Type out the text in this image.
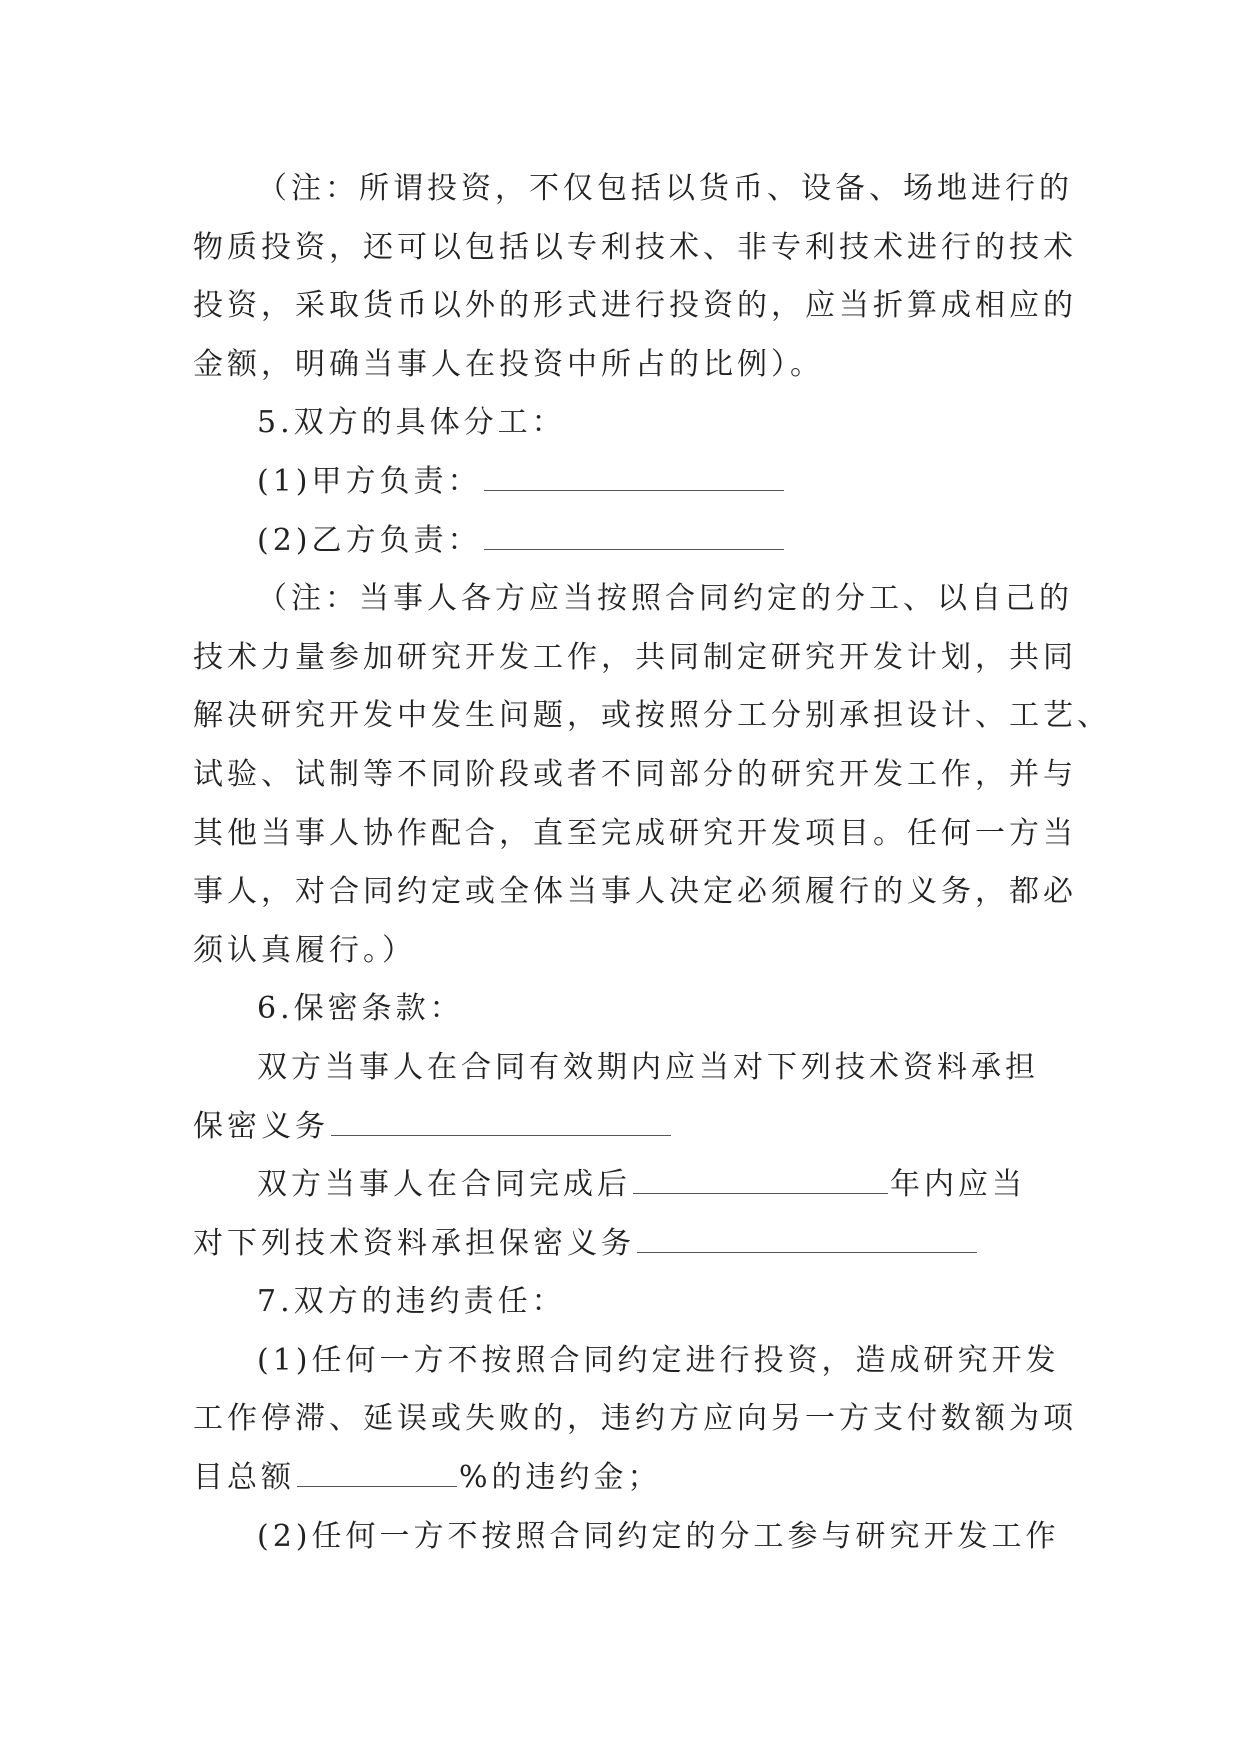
（注：所谓投资，不仅包括以货币、设备、场地进行的
物质投资，还可以包括以专利技术、非专利技术进行的技术
投资，采取货币以外的形式进行投资的，应当折算成相应的
金额，明确当事人在投资中所占的比例）。
5.双方的具体分工：
(1)甲方负责：
(2)乙方负责：
（注：当事人各方应当按照合同约定的分工、以自己的
技术力量参加研究开发工作，共同制定研究开发计划，共同
解决研究开发中发生问题，或按照分工分别承担设计、工艺、
试验、试制等不同阶段或者不同部分的研究开发工作，并与
其他当事人协作配合，直至完成研究开发项目。任何一方当
事人，对合同约定或全体当事人决定必须履行的义务，都必
须认真履行。）
6.保密条款：
双方当事人在合同有效期内应当对下列技术资料承担
保密义务
双方当事人在合同完成后	年内应当
对下列技术资料承担保密义务
7.双方的违约责任：
(1)任何一方不按照合同约定进行投资，造成研究开发
工作停滞、延误或失败的，违约方应向另一方支付数额为项
目总额	%的违约金；
(2)任何一方不按照合同约定的分工参与研究开发工作
